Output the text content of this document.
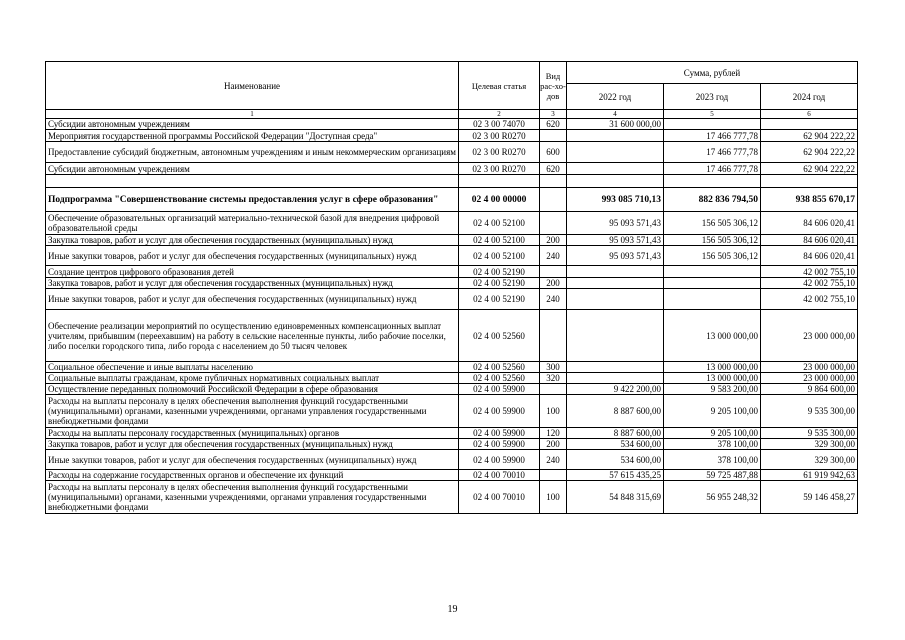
Наименование	Целевая статья	Вид рас-хо-дов	Сумма, рублей		
			2022 год	2023 год	2024 год
1	2	3	4	5	6
Субсидии автономным учреждениям	02 3 00 74070	620	31 600 000,00		
Мероприятия государственной программы Российской Федерации "Доступная среда"	02 3 00 R0270			17 466 777,78	62 904 222,22
Предоставление субсидий бюджетным, автономным учреждениям и иным некоммерческим организациям	02 3 00 R0270	600		17 466 777,78	62 904 222,22
Субсидии автономным учреждениям	02 3 00 R0270	620		17 466 777,78	62 904 222,22

Подпрограмма "Совершенствование системы предоставления услуг в сфере образования"	02 4 00 00000		993 085 710,13	882 836 794,50	938 855 670,17
Обеспечение образовательных организаций материально-технической базой для внедрения цифровой образовательной среды	02 4 00 52100		95 093 571,43	156 505 306,12	84 606 020,41
Закупка товаров, работ и услуг для обеспечения государственных (муниципальных) нужд	02 4 00 52100	200	95 093 571,43	156 505 306,12	84 606 020,41
Иные закупки товаров, работ и услуг для обеспечения государственных (муниципальных) нужд	02 4 00 52100	240	95 093 571,43	156 505 306,12	84 606 020,41
Создание центров цифрового образования детей	02 4 00 52190				42 002 755,10
Закупка товаров, работ и услуг для обеспечения государственных (муниципальных) нужд	02 4 00 52190	200			42 002 755,10
Иные закупки товаров, работ и услуг для обеспечения государственных (муниципальных) нужд	02 4 00 52190	240			42 002 755,10
Обеспечение реализации мероприятий по осуществлению единовременных компенсационных выплат учителям, прибывшим (переехавшим) на работу в сельские населенные пункты, либо рабочие поселки, либо поселки городского типа, либо города с населением до 50 тысяч человек	02 4 00 52560			13 000 000,00	23 000 000,00
Социальное обеспечение и иные выплаты населению	02 4 00 52560	300		13 000 000,00	23 000 000,00
Социальные выплаты гражданам, кроме публичных нормативных социальных выплат	02 4 00 52560	320		13 000 000,00	23 000 000,00
Осуществление переданных полномочий Российской Федерации в сфере образования	02 4 00 59900		9 422 200,00	9 583 200,00	9 864 600,00
Расходы на выплаты персоналу в целях обеспечения выполнения функций государственными (муниципальными) органами, казенными учреждениями, органами управления государственными внебюджетными фондами	02 4 00 59900	100	8 887 600,00	9 205 100,00	9 535 300,00
Расходы на выплаты персоналу государственных (муниципальных) органов	02 4 00 59900	120	8 887 600,00	9 205 100,00	9 535 300,00
Закупка товаров, работ и услуг для обеспечения государственных (муниципальных) нужд	02 4 00 59900	200	534 600,00	378 100,00	329 300,00
Иные закупки товаров, работ и услуг для обеспечения государственных (муниципальных) нужд	02 4 00 59900	240	534 600,00	378 100,00	329 300,00
Расходы на содержание государственных органов и обеспечение их функций	02 4 00 70010		57 615 435,25	59 725 487,88	61 919 942,63
Расходы на выплаты персоналу в целях обеспечения выполнения функций государственными (муниципальными) органами, казенными учреждениями, органами управления государственными внебюджетными фондами	02 4 00 70010	100	54 848 315,69	56 955 248,32	59 146 458,27
19
